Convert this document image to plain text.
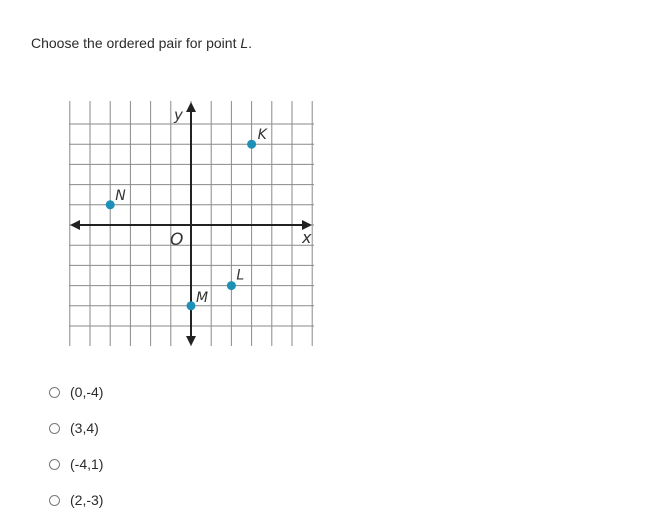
Choose the ordered pair for point L.
y
x
O
K
N
L
M
(0,-4)
(3,4)
(-4,1)
(2,-3)
